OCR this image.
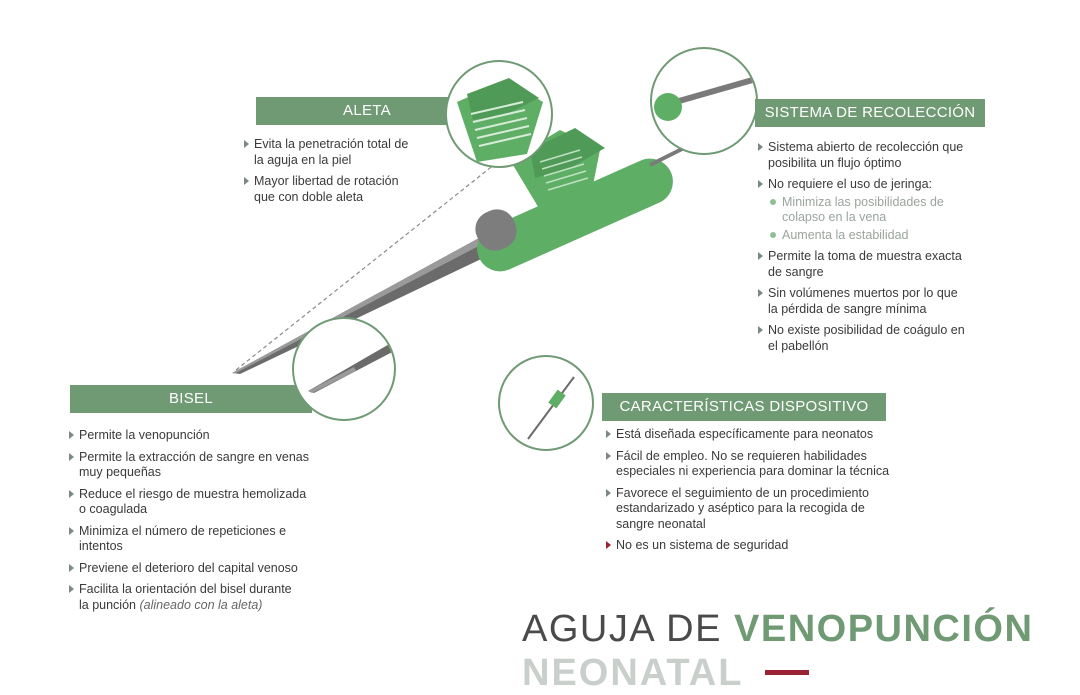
ALETA
Evita la penetración total de
la aguja en la piel
Mayor libertad de rotación
que con doble aleta
SISTEMA DE RECOLECCIÓN
Sistema abierto de recolección que
posibilita un flujo óptimo
No requiere el uso de jeringa:
Minimiza las posibilidades de
colapso en la vena
Aumenta la estabilidad
Permite la toma de muestra exacta
de sangre
Sin volúmenes muertos por lo que
la pérdida de sangre mínima
No existe posibilidad de coágulo en
el pabellón
BISEL
Permite la venopunción
Permite la extracción de sangre en venas
muy pequeñas
Reduce el riesgo de muestra hemolizada
o coagulada
Minimiza el número de repeticiones e
intentos
Previene el deterioro del capital venoso
Facilita la orientación del bisel durante
la punción (alineado con la aleta)
CARACTERÍSTICAS DISPOSITIVO
Está diseñada específicamente para neonatos
Fácil de empleo. No se requieren habilidades
especiales ni experiencia para dominar la técnica
Favorece el seguimiento de un procedimiento
estandarizado y aséptico para la recogida de
sangre neonatal
No es un sistema de seguridad
AGUJA DE VENOPUNCIÓN
NEONATAL
